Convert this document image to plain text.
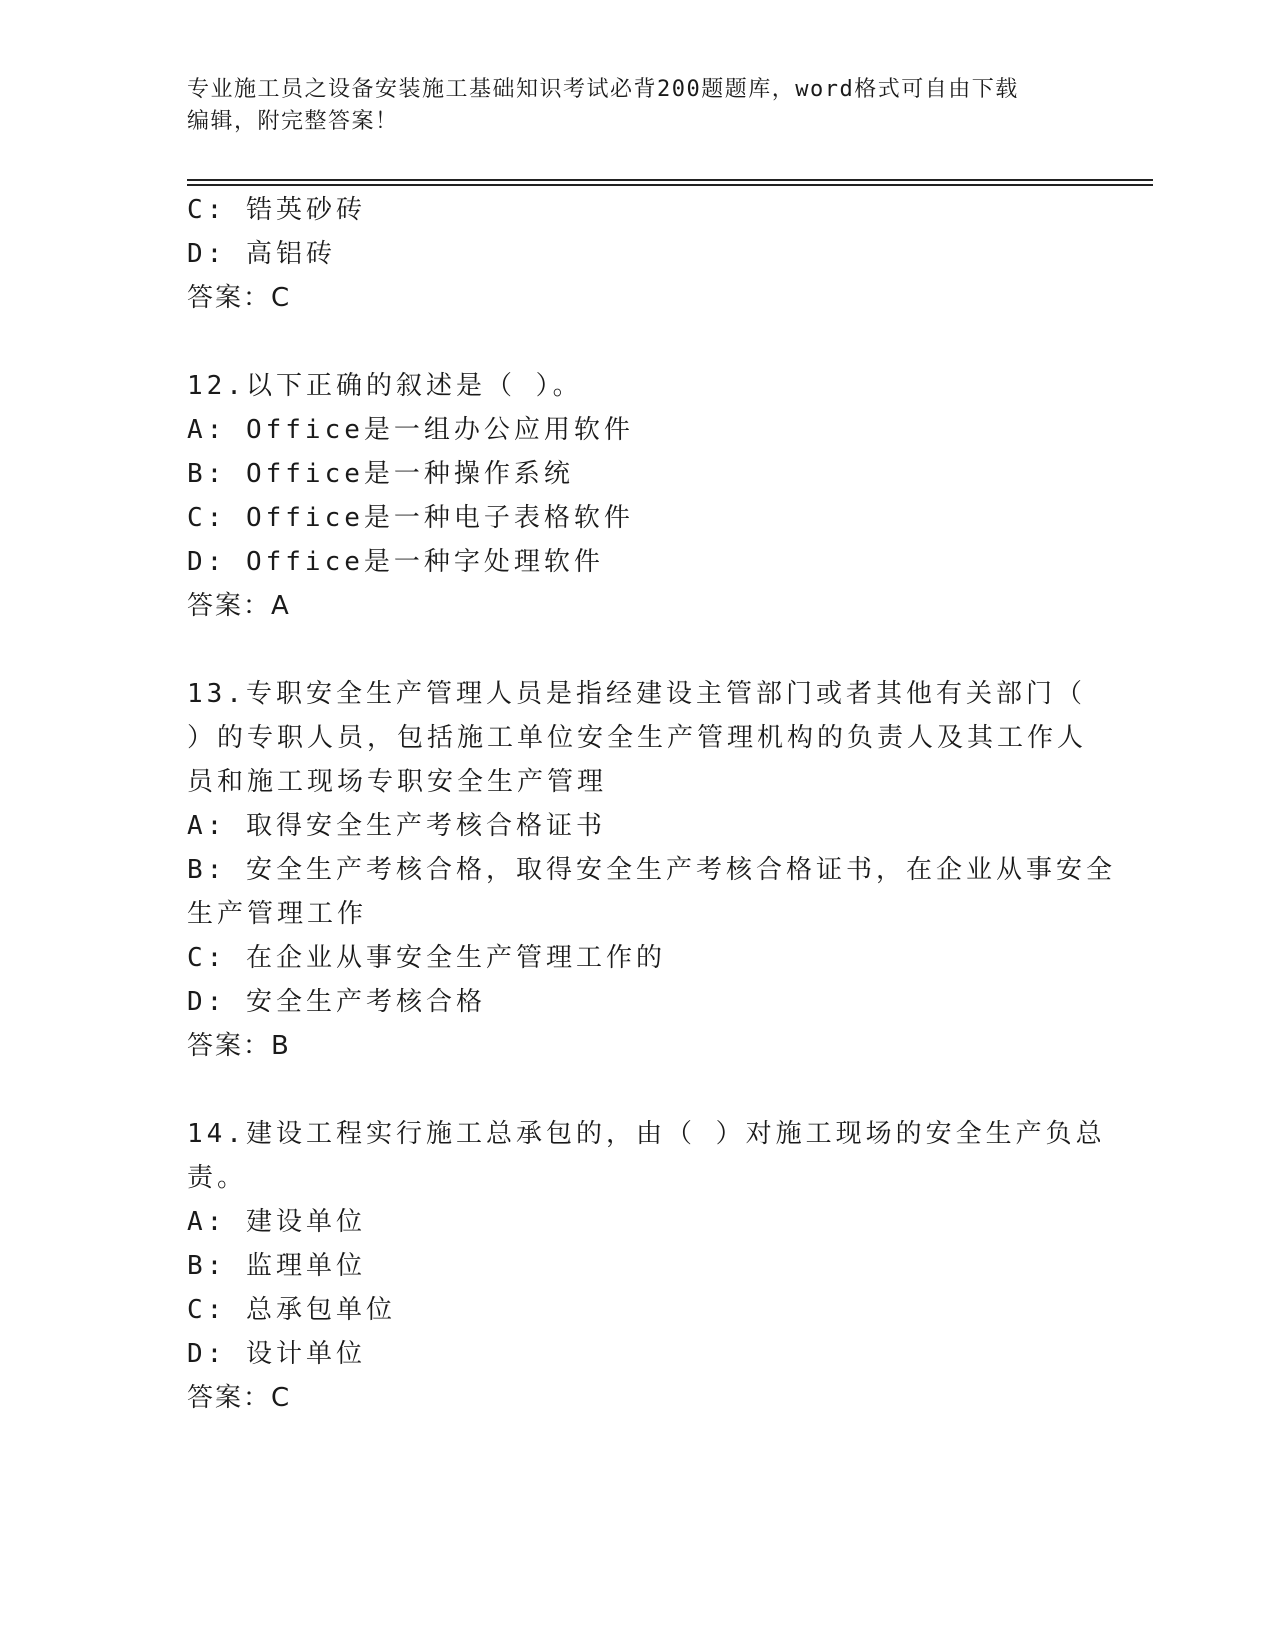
专业施工员之设备安装施工基础知识考试必背200题题库，word格式可自由下载
编辑，附完整答案！
C: 锆英砂砖
D: 高铝砖
答案：C
12.以下正确的叙述是（ ）。
A: Office是一组办公应用软件
B: Office是一种操作系统
C: Office是一种电子表格软件
D: Office是一种字处理软件
答案：A
13.专职安全生产管理人员是指经建设主管部门或者其他有关部门（
）的专职人员，包括施工单位安全生产管理机构的负责人及其工作人
员和施工现场专职安全生产管理
A: 取得安全生产考核合格证书
B: 安全生产考核合格，取得安全生产考核合格证书，在企业从事安全
生产管理工作
C: 在企业从事安全生产管理工作的
D: 安全生产考核合格
答案：B
14.建设工程实行施工总承包的，由（ ）对施工现场的安全生产负总
责。
A: 建设单位
B: 监理单位
C: 总承包单位
D: 设计单位
答案：C
